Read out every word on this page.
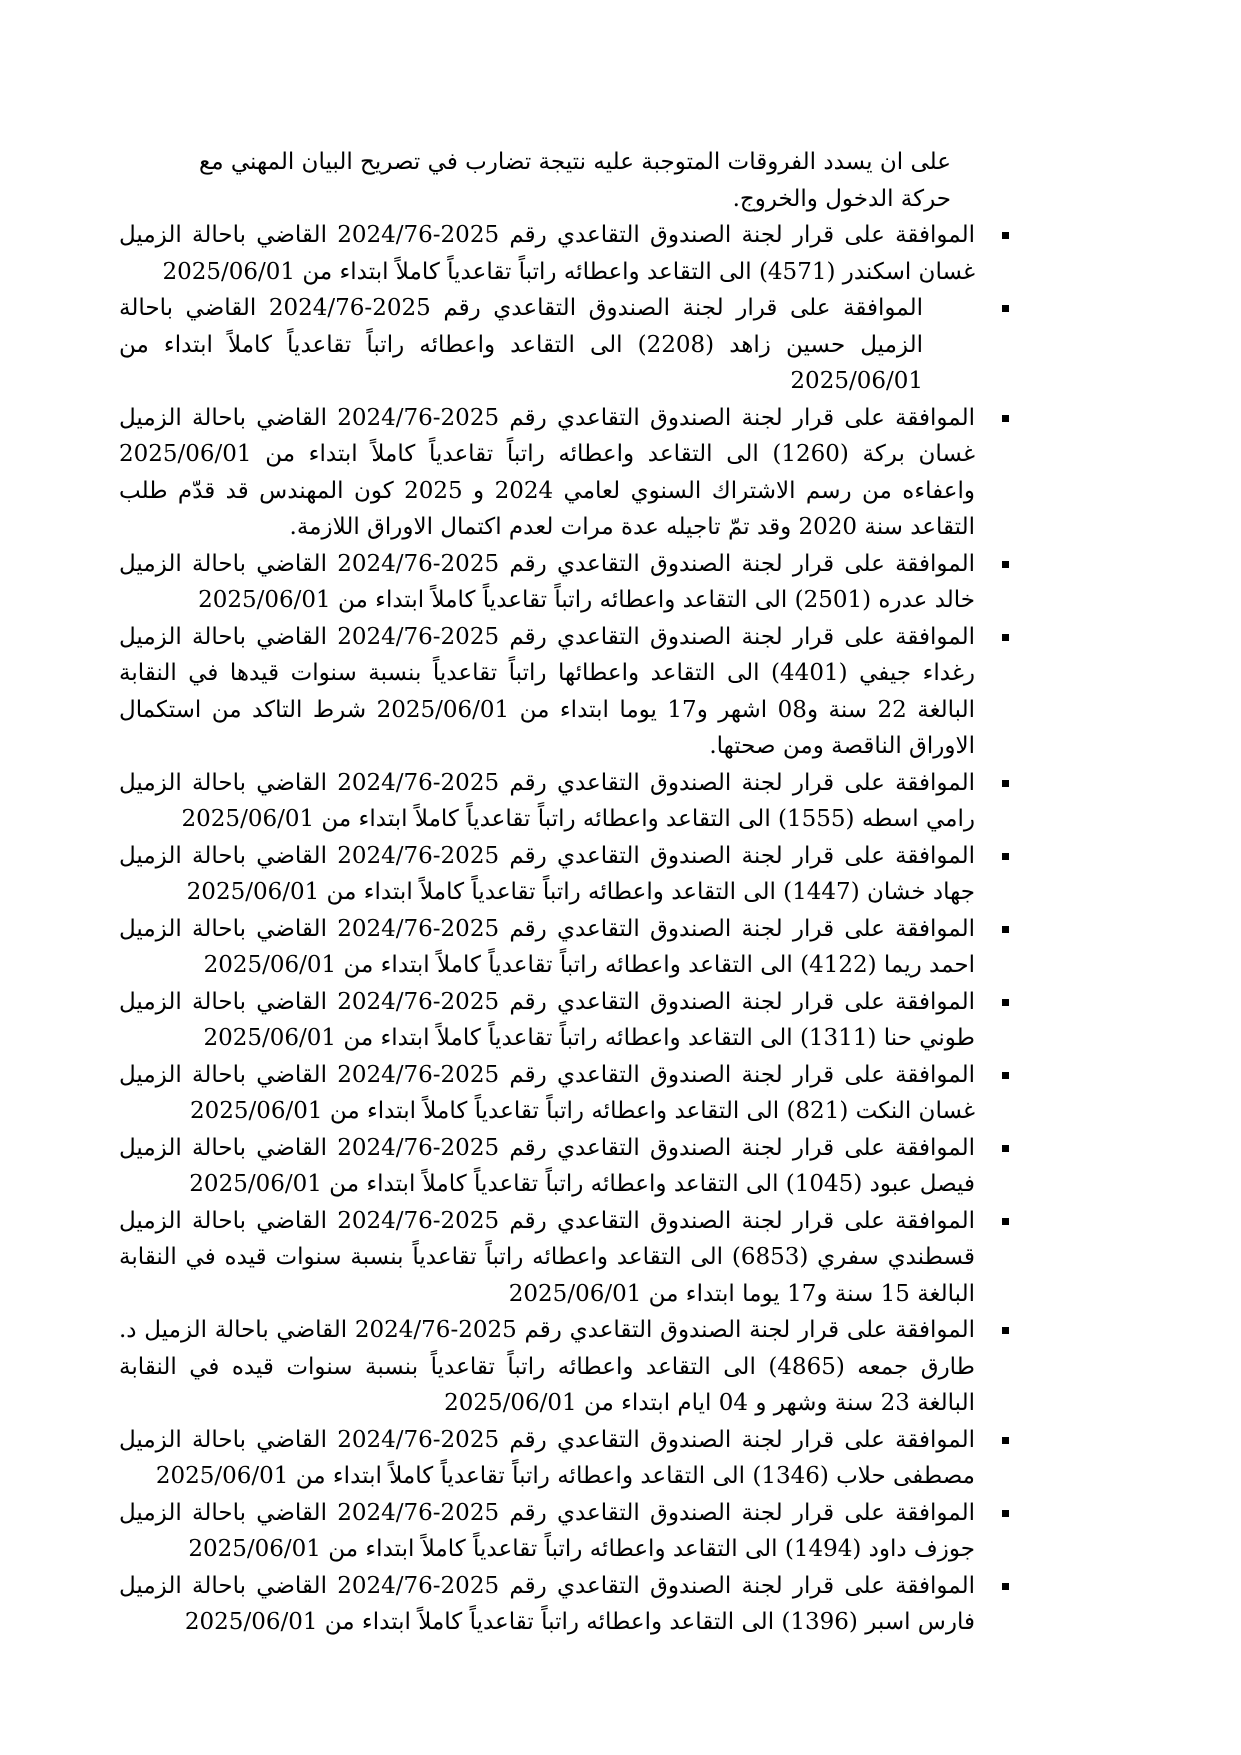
على ان يسدد الفروقات المتوجبة عليه نتيجة تضارب في تصريح البيان المهني مع حركة الدخول والخروج.

الموافقة على قرار لجنة الصندوق التقاعدي رقم 2025-2024/76 القاضي باحالة الزميل غسان اسكندر (4571) الى التقاعد واعطائه راتباً تقاعدياً كاملاً ابتداء من 2025/06/01
الموافقة على قرار لجنة الصندوق التقاعدي رقم 2025-2024/76 القاضي باحالة الزميل حسين زاهد (2208) الى التقاعد واعطائه راتباً تقاعدياً كاملاً ابتداء من 2025/06/01
الموافقة على قرار لجنة الصندوق التقاعدي رقم 2025-2024/76 القاضي باحالة الزميل غسان بركة (1260) الى التقاعد واعطائه راتباً تقاعدياً كاملاً ابتداء من 2025/06/01 واعفاءه من رسم الاشتراك السنوي لعامي 2024 و 2025 كون المهندس قد قدّم طلب التقاعد سنة 2020 وقد تمّ تاجيله عدة مرات لعدم اكتمال الاوراق اللازمة.
الموافقة على قرار لجنة الصندوق التقاعدي رقم 2025-2024/76 القاضي باحالة الزميل خالد عدره (2501) الى التقاعد واعطائه راتباً تقاعدياً كاملاً ابتداء من 2025/06/01
الموافقة على قرار لجنة الصندوق التقاعدي رقم 2025-2024/76 القاضي باحالة الزميل رغداء جيفي (4401) الى التقاعد واعطائها راتباً تقاعدياً بنسبة سنوات قيدها في النقابة البالغة 22 سنة و08 اشهر و17 يوما ابتداء من 2025/06/01 شرط التاكد من استكمال الاوراق الناقصة ومن صحتها.
الموافقة على قرار لجنة الصندوق التقاعدي رقم 2025-2024/76 القاضي باحالة الزميل رامي اسطه (1555) الى التقاعد واعطائه راتباً تقاعدياً كاملاً ابتداء من 2025/06/01
الموافقة على قرار لجنة الصندوق التقاعدي رقم 2025-2024/76 القاضي باحالة الزميل جهاد خشان (1447) الى التقاعد واعطائه راتباً تقاعدياً كاملاً ابتداء من 2025/06/01
الموافقة على قرار لجنة الصندوق التقاعدي رقم 2025-2024/76 القاضي باحالة الزميل احمد ريما (4122) الى التقاعد واعطائه راتباً تقاعدياً كاملاً ابتداء من 2025/06/01
الموافقة على قرار لجنة الصندوق التقاعدي رقم 2025-2024/76 القاضي باحالة الزميل طوني حنا (1311) الى التقاعد واعطائه راتباً تقاعدياً كاملاً ابتداء من 2025/06/01
الموافقة على قرار لجنة الصندوق التقاعدي رقم 2025-2024/76 القاضي باحالة الزميل غسان النكت (821) الى التقاعد واعطائه راتباً تقاعدياً كاملاً ابتداء من 2025/06/01
الموافقة على قرار لجنة الصندوق التقاعدي رقم 2025-2024/76 القاضي باحالة الزميل فيصل عبود (1045) الى التقاعد واعطائه راتباً تقاعدياً كاملاً ابتداء من 2025/06/01
الموافقة على قرار لجنة الصندوق التقاعدي رقم 2025-2024/76 القاضي باحالة الزميل قسطندي سفري (6853) الى التقاعد واعطائه راتباً تقاعدياً بنسبة سنوات قيده في النقابة البالغة 15 سنة و17 يوما ابتداء من 2025/06/01
الموافقة على قرار لجنة الصندوق التقاعدي رقم 2025-2024/76 القاضي باحالة الزميل د. طارق جمعه (4865) الى التقاعد واعطائه راتباً تقاعدياً بنسبة سنوات قيده في النقابة البالغة 23 سنة وشهر و 04 ايام ابتداء من 2025/06/01
الموافقة على قرار لجنة الصندوق التقاعدي رقم 2025-2024/76 القاضي باحالة الزميل مصطفى حلاب (1346) الى التقاعد واعطائه راتباً تقاعدياً كاملاً ابتداء من 2025/06/01
الموافقة على قرار لجنة الصندوق التقاعدي رقم 2025-2024/76 القاضي باحالة الزميل جوزف داود (1494) الى التقاعد واعطائه راتباً تقاعدياً كاملاً ابتداء من 2025/06/01
الموافقة على قرار لجنة الصندوق التقاعدي رقم 2025-2024/76 القاضي باحالة الزميل فارس اسبر (1396) الى التقاعد واعطائه راتباً تقاعدياً كاملاً ابتداء من 2025/06/01
